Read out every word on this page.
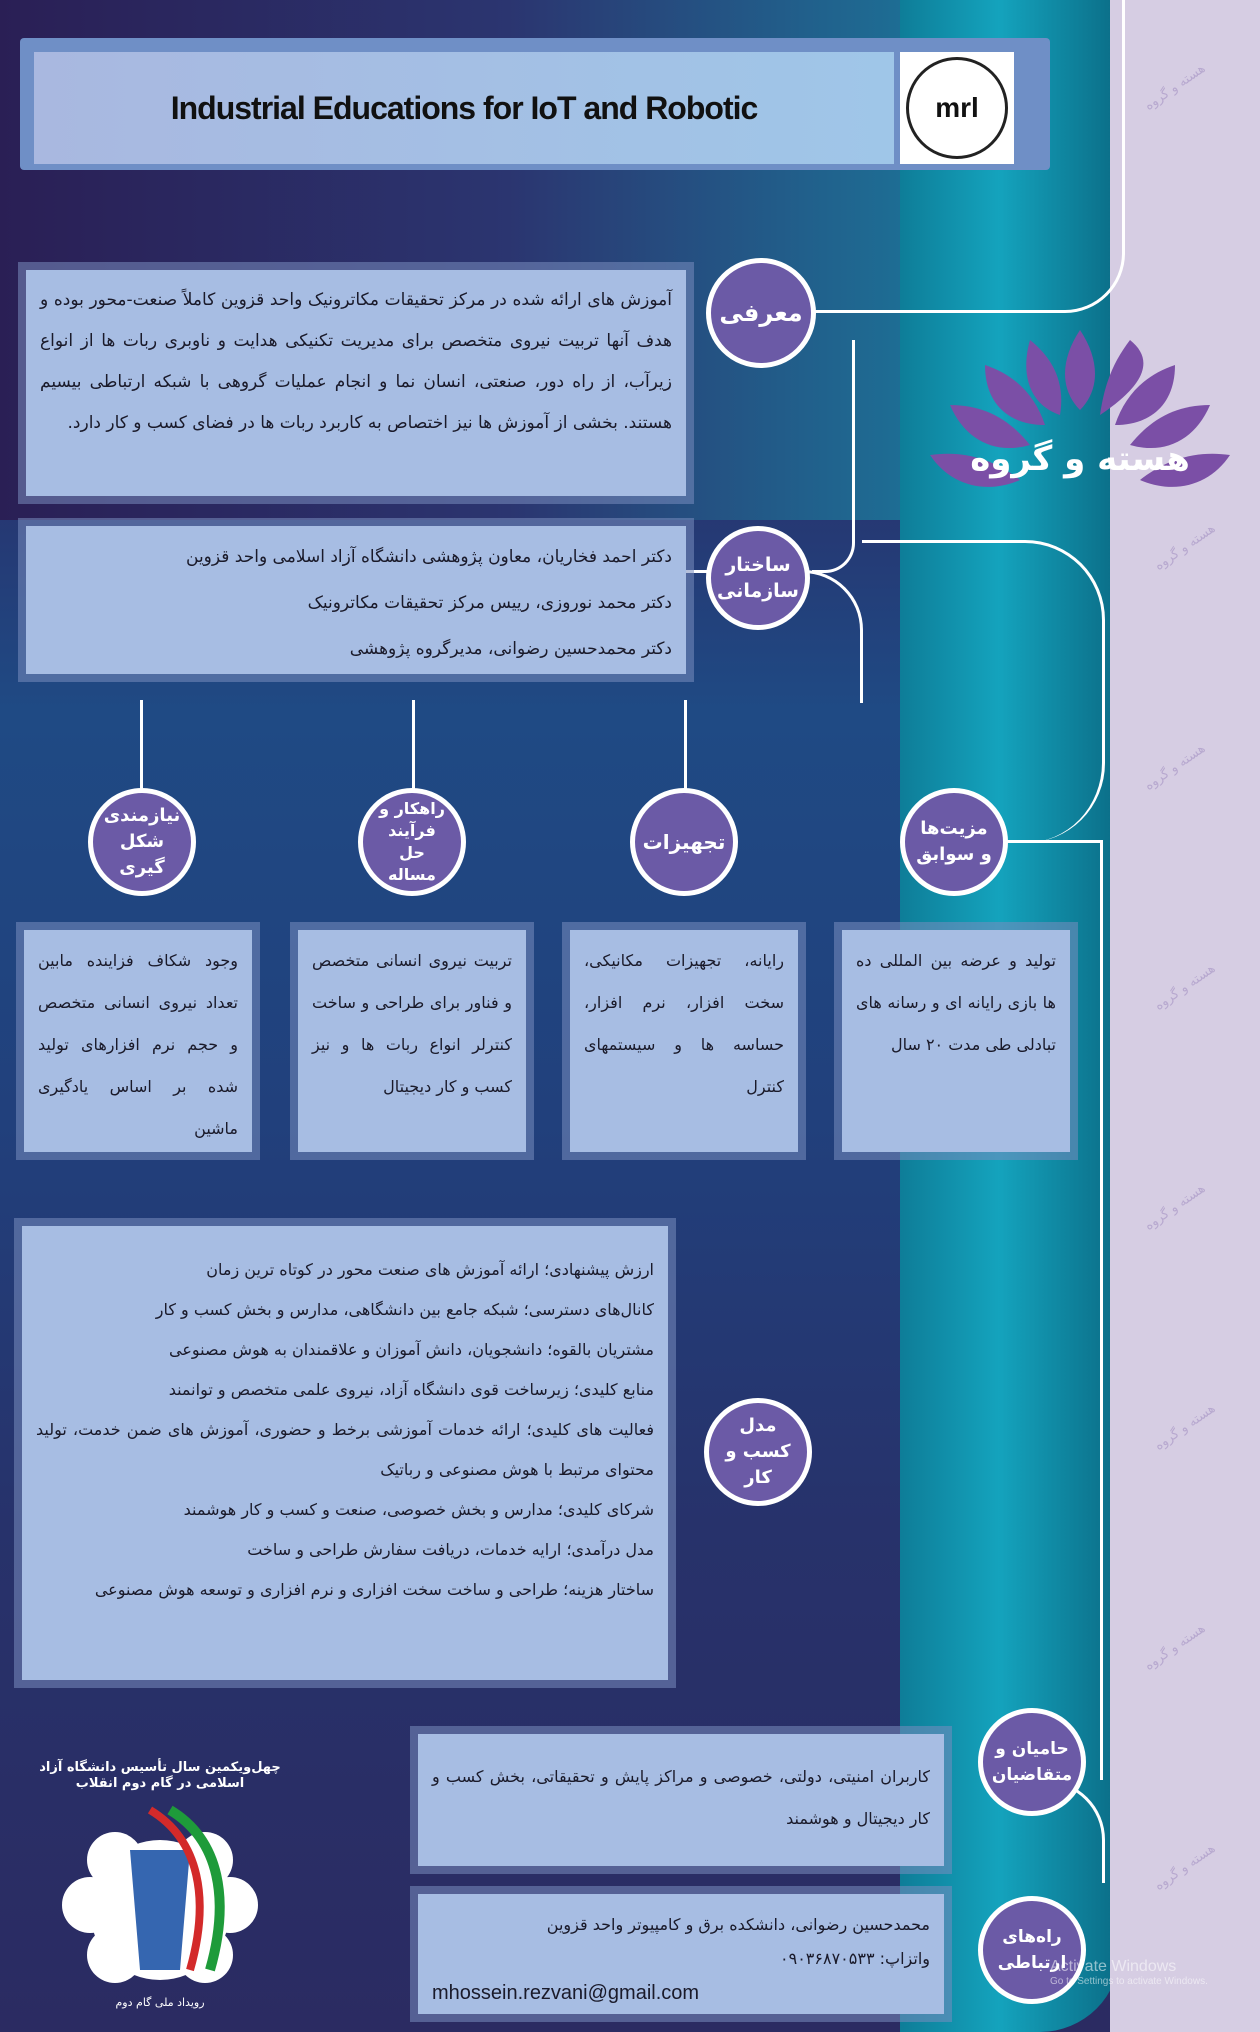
هسته و گروه
هسته و گروه
هسته و گروه
هسته و گروه
هسته و گروه
هسته و گروه
هسته و گروه
هسته و گروه
Industrial Educations for IoT and Robotic	mrl
هسته و گروه
آموزش های ارائه شده در مرکز تحقیقات مکاترونیک واحد قزوین کاملاً صنعت-محور بوده و هدف آنها تربیت نیروی متخصص برای مدیریت تکنیکی هدایت و ناوبری ربات ها از انواع زیرآب، از راه دور، صنعتی، انسان نما و انجام عملیات گروهی با شبکه ارتباطی بیسیم هستند. بخشی از آموزش ها نیز اختصاص به کاربرد ربات ها در فضای کسب و کار دارد.
معرفی
دکتر احمد فخاریان، معاون پژوهشی دانشگاه آزاد اسلامی واحد قزوین
دکتر محمد نوروزی، رییس مرکز تحقیقات مکاترونیک
دکتر محمدحسین رضوانی، مدیرگروه پژوهشی
ساختار سازمانی
مزیت‌ها و سوابق
تجهیزات
راهکار و فرآیند حل مساله
نیازمندی شکل گیری
تولید و عرضه بین المللی ده ها بازی رایانه ای و رسانه های تبادلی طی مدت ۲۰ سال
رایانه، تجهیزات مکانیکی، سخت افزار، نرم افزار، حساسه ها و سیستمهای کنترل
تربیت نیروی انسانی متخصص و فناور برای طراحی و ساخت کنترلر انواع ربات ها و نیز کسب و کار دیجیتال
وجود شکاف فزاینده مابین تعداد نیروی انسانی متخصص و حجم نرم افزارهای تولید شده بر اساس یادگیری ماشین
ارزش پیشنهادی؛ ارائه آموزش های صنعت محور در کوتاه ترین زمان
کانال‌های دسترسی؛ شبکه جامع بین دانشگاهی، مدارس و بخش کسب و کار
مشتریان بالقوه؛ دانشجویان، دانش آموزان و علاقمندان به هوش مصنوعی
منابع کلیدی؛ زیرساخت قوی دانشگاه آزاد، نیروی علمی متخصص و توانمند
فعالیت های کلیدی؛ ارائه خدمات آموزشی برخط و حضوری، آموزش های ضمن خدمت، تولید محتوای مرتبط با هوش مصنوعی و رباتیک
شرکای کلیدی؛ مدارس و بخش خصوصی، صنعت و کسب و کار هوشمند
مدل درآمدی؛ ارایه خدمات، دریافت سفارش طراحی و ساخت
ساختار هزینه؛ طراحی و ساخت سخت افزاری و نرم افزاری و توسعه هوش مصنوعی
مدل کسب و کار
کاربران امنیتی، دولتی، خصوصی و مراکز پایش و تحقیقاتی، بخش کسب و کار دیجیتال و هوشمند
حامیان و متقاضیان
محمدحسین رضوانی، دانشکده برق و کامپیوتر واحد قزوین
واتزاپ: ۰۹۰۳۶۸۷۰۵۳۳
mhossein.rezvani@gmail.com
راه‌های ارتباطی
چهل‌ویکمین سال تأسیس دانشگاه آزاد اسلامی در گام دوم انقلاب
رویداد ملی گام دوم
Activate Windows
Go to Settings to activate Windows.
